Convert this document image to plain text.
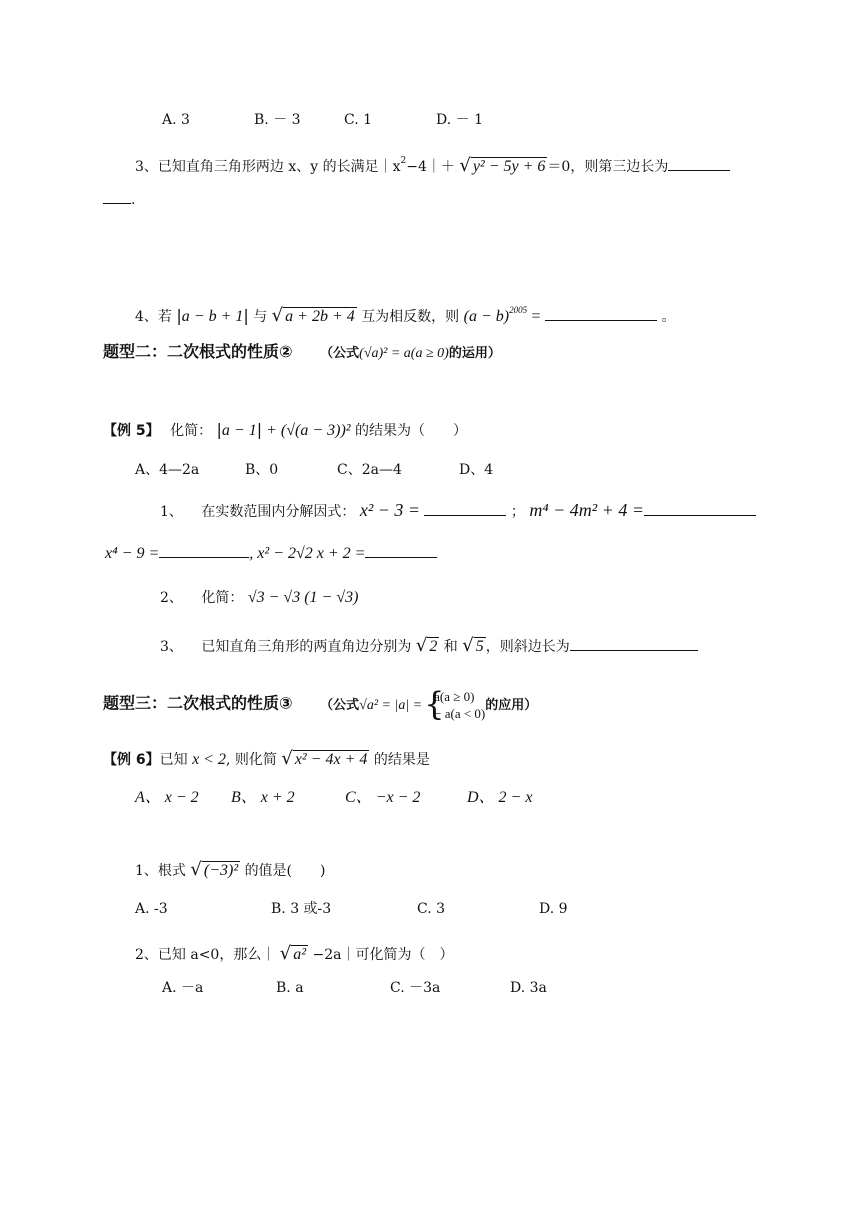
A. 3	B. － 3	C. 1	D. － 1
3、已知直角三角形两边 x、y 的长满足$|x^2-4|+$ √ y² − 5y + 6 ＝0，则第三边长为
.
4、若 |a − b + 1| 与 √ a + 2b + 4 互为相反数，则 $(a - b)^{2005}$ =	。
题型二：二次根式的性质② （公式(√a)² = a(a ≥ 0)的运用）
【例 5】 化简： |a − 1| + (√(a − 3))² 的结果为（　　）
A、4—2a	B、0	C、2a—4	D、4
1、 在实数范围内分解因式： x² − 3 =	； m⁴ − 4m² + 4 =
x⁴ − 9 =	, x² − 2√2 x + 2 =
2、 化简： √3 − √3 (1 − √3)
3、 已知直角三角形的两直角边分别为 √ 2 和 √ 5 ，则斜边长为
题型三：二次根式的性质③ （公式√a² = |a| = {
a(a ≥ 0)
− a(a < 0)
的应用）
【例 6】已知 x < 2, 则化简 √ x² − 4x + 4 的结果是
A、 x − 2 B、 x + 2	C、 −x − 2	D、 2 − x
1、根式 √ (−3)² 的值是(　　)
A. -3	B. 3 或-3	C. 3	D. 9
2、已知 a<0，那么｜ √ a² −2a｜可化简为（　）
A. －a	B. a	C. －3a	D. 3a
